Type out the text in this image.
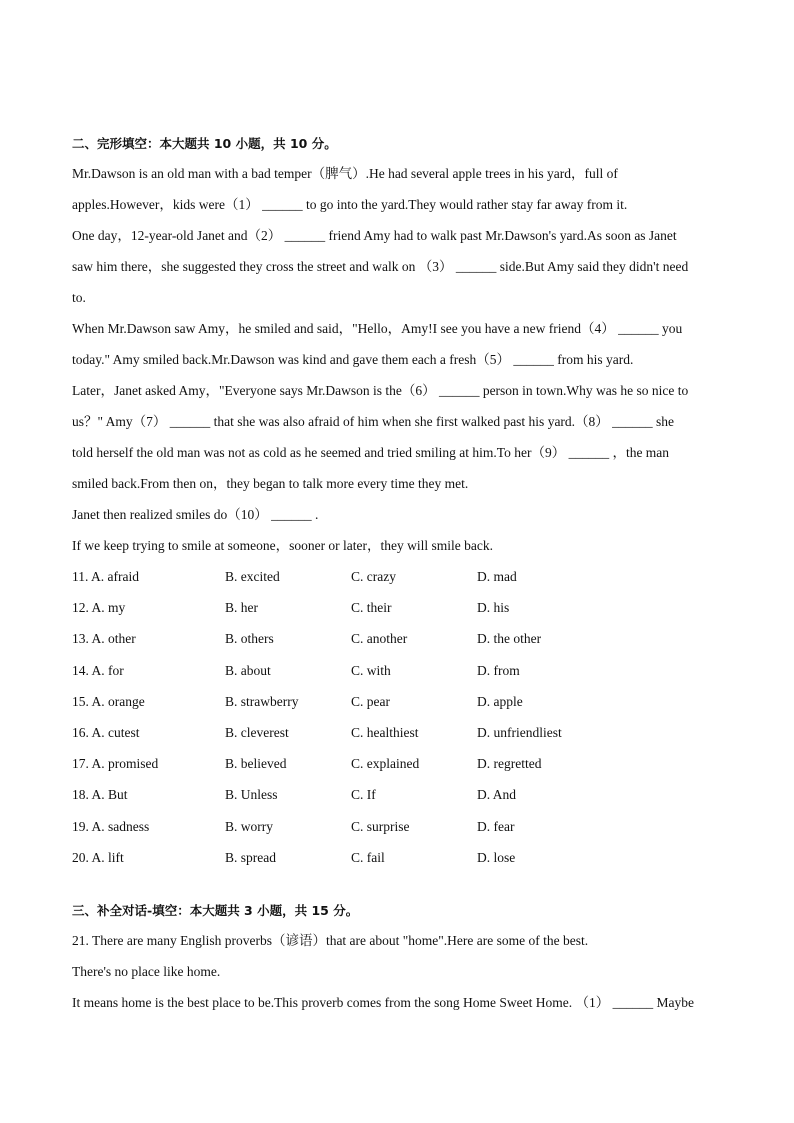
二、完形填空：本大题共 10 小题，共 10 分。
Mr.Dawson is an old man with a bad temper（脾气）.He had several apple trees in his yard，full of
apples.However，kids were（1） ______ to go into the yard.They would rather stay far away from it.
One day，12-year-old Janet and（2） ______ friend Amy had to walk past Mr.Dawson's yard.As soon as Janet
saw him there，she suggested they cross the street and walk on （3） ______ side.But Amy said they didn't need
to.
When Mr.Dawson saw Amy，he smiled and said，"Hello，Amy!I see you have a new friend（4） ______ you
today." Amy smiled back.Mr.Dawson was kind and gave them each a fresh（5） ______ from his yard.
Later，Janet asked Amy，"Everyone says Mr.Dawson is the（6） ______ person in town.Why was he so nice to
us？" Amy（7） ______ that she was also afraid of him when she first walked past his yard.（8） ______ she
told herself the old man was not as cold as he seemed and tried smiling at him.To her（9） ______ ，the man
smiled back.From then on，they began to talk more every time they met.
Janet then realized smiles do（10） ______ .
If we keep trying to smile at someone，sooner or later，they will smile back.
11. A. afraid	B. excited	C. crazy	D. mad
12. A. my	B. her	C. their	D. his
13. A. other	B. others	C. another	D. the other
14. A. for	B. about	C. with	D. from
15. A. orange	B. strawberry	C. pear	D. apple
16. A. cutest	B. cleverest	C. healthiest	D. unfriendliest
17. A. promised	B. believed	C. explained	D. regretted
18. A. But	B. Unless	C. If	D. And
19. A. sadness	B. worry	C. surprise	D. fear
20. A. lift	B. spread	C. fail	D. lose
三、补全对话-填空：本大题共 3 小题，共 15 分。
21. There are many English proverbs（谚语）that are about "home".Here are some of the best.
There's no place like home.
It means home is the best place to be.This proverb comes from the song Home Sweet Home. （1） ______ Maybe
